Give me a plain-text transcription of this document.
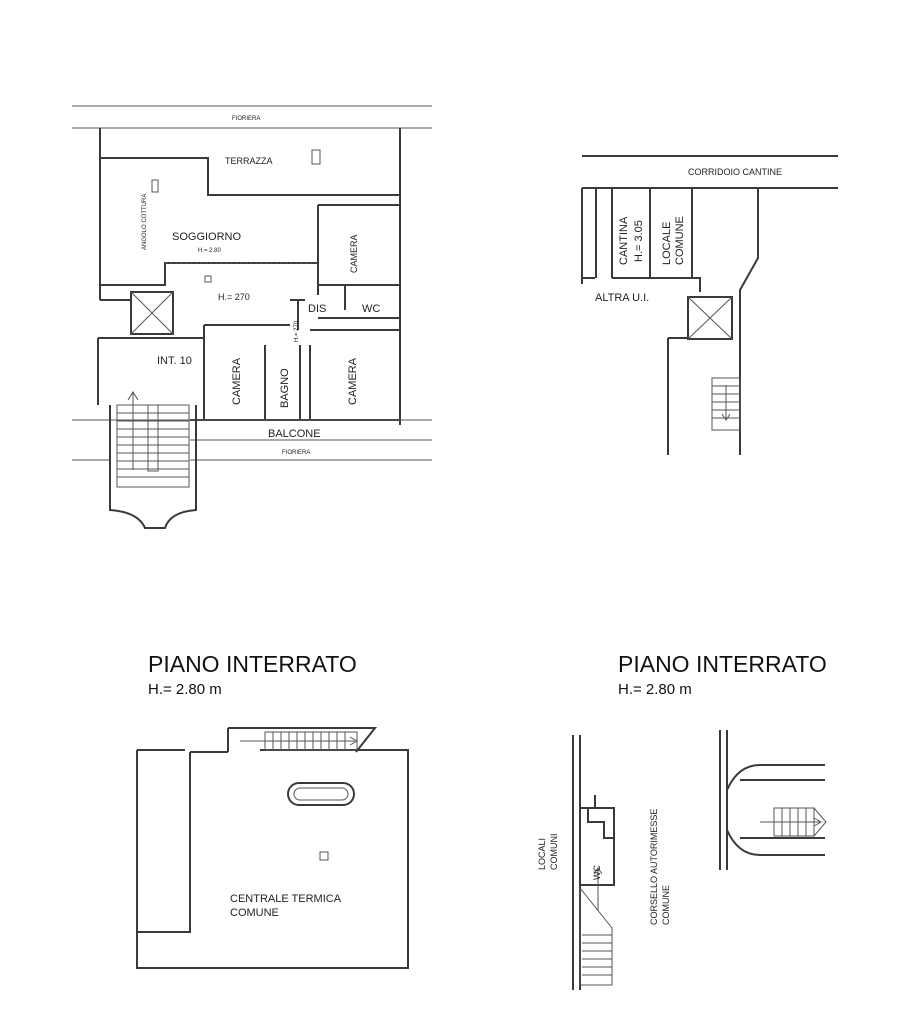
FIORIERA
TERRAZZA
ANGOLO COTTURA SOGGIORNO
H.= 2.80	CAMERA
H.= 270
DIS	WC
H.= 270
INT. 10	CAMERA	BAGNO	CAMERA
BALCONE
FIORIERA
CORRIDOIO CANTINE
CANTINA H.= 3.05 LOCALE COMUNE
ALTRA U.I.
PIANO INTERRATO
H.= 2.80 m
CENTRALE TERMICA
COMUNE
PIANO INTERRATO
H.= 2.80 m
LOCALI COMUNI
WC	CORSELLO AUTORIMESSE COMUNE
